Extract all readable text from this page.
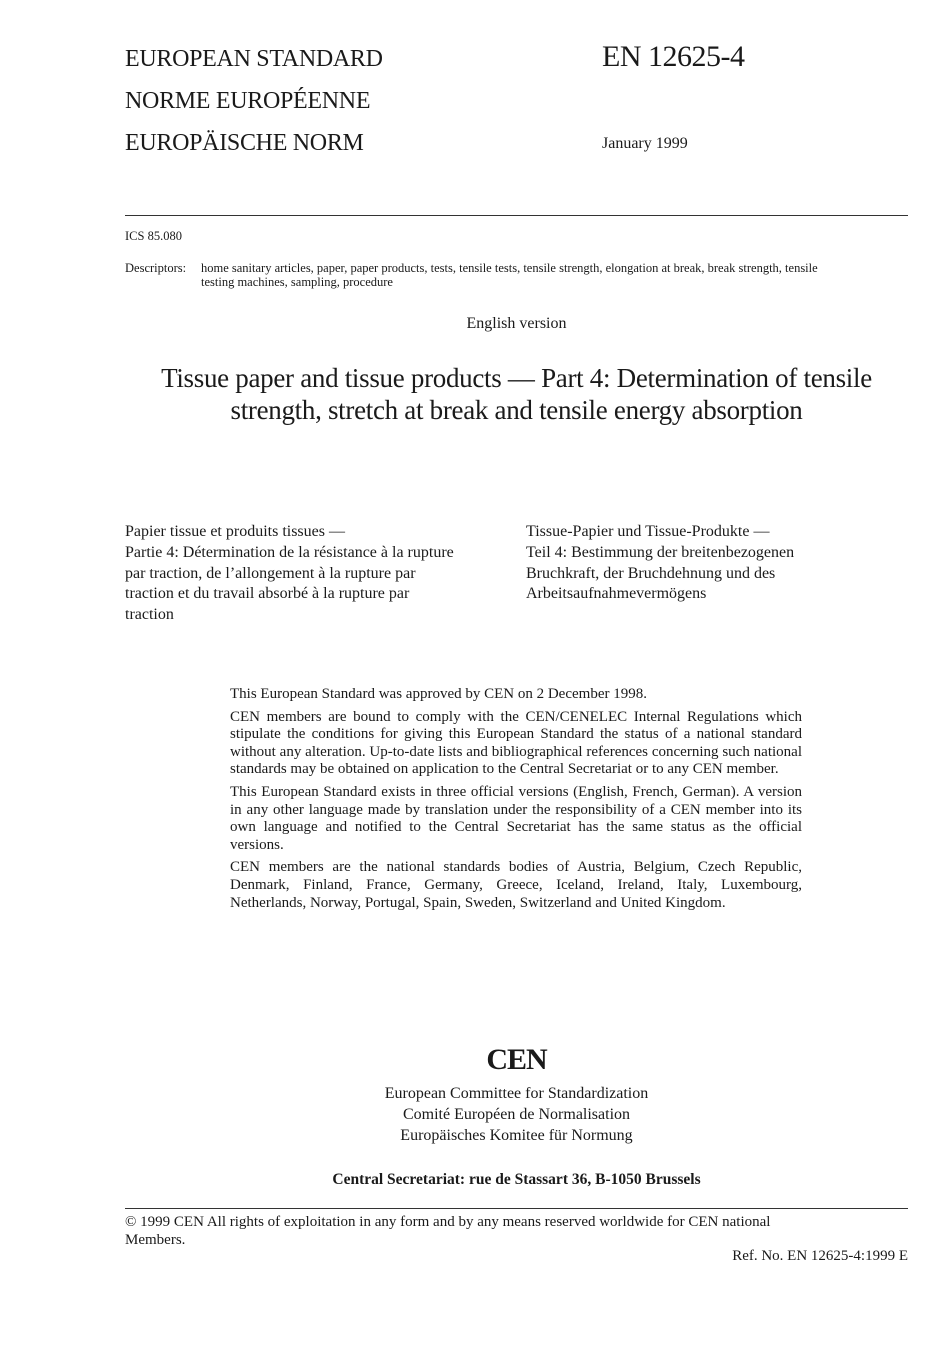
EUROPEAN STANDARD
NORME EUROPÉENNE
EUROPÄISCHE NORM
EN 12625-4
January 1999
ICS 85.080
Descriptors: home sanitary articles, paper, paper products, tests, tensile tests, tensile strength, elongation at break, break strength, tensile
testing machines, sampling, procedure
English version
Tissue paper and tissue products — Part 4: Determination of tensile
strength, stretch at break and tensile energy absorption
Papier tissue et produits tissues —
Partie 4: Détermination de la résistance à la rupture
par traction, de l’allongement à la rupture par
traction et du travail absorbé à la rupture par
traction
Tissue-Papier und Tissue-Produkte —
Teil 4: Bestimmung der breitenbezogenen
Bruchkraft, der Bruchdehnung und des
Arbeitsaufnahmevermögens

This European Standard was approved by CEN on 2 December 1998.

CEN members are bound to comply with the CEN/CENELEC Internal Regulations which stipulate the conditions for giving this European Standard the status of a national standard without any alteration. Up-to-date lists and bibliographical references concerning such national standards may be obtained on application to the Central Secretariat or to any CEN member.

This European Standard exists in three official versions (English, French, German). A version in any other language made by translation under the responsibility of a CEN member into its own language and notified to the Central Secretariat has the same status as the official versions.

CEN members are the national standards bodies of Austria, Belgium, Czech Republic, Denmark, Finland, France, Germany, Greece, Iceland, Ireland, Italy, Luxembourg, Netherlands, Norway, Portugal, Spain, Sweden, Switzerland and United Kingdom.

CEN
European Committee for Standardization
Comité Européen de Normalisation
Europäisches Komitee für Normung
Central Secretariat: rue de Stassart 36, B-1050 Brussels
© 1999 CEN All rights of exploitation in any form and by any means reserved worldwide for CEN national
Members.
Ref. No. EN 12625-4:1999 E
